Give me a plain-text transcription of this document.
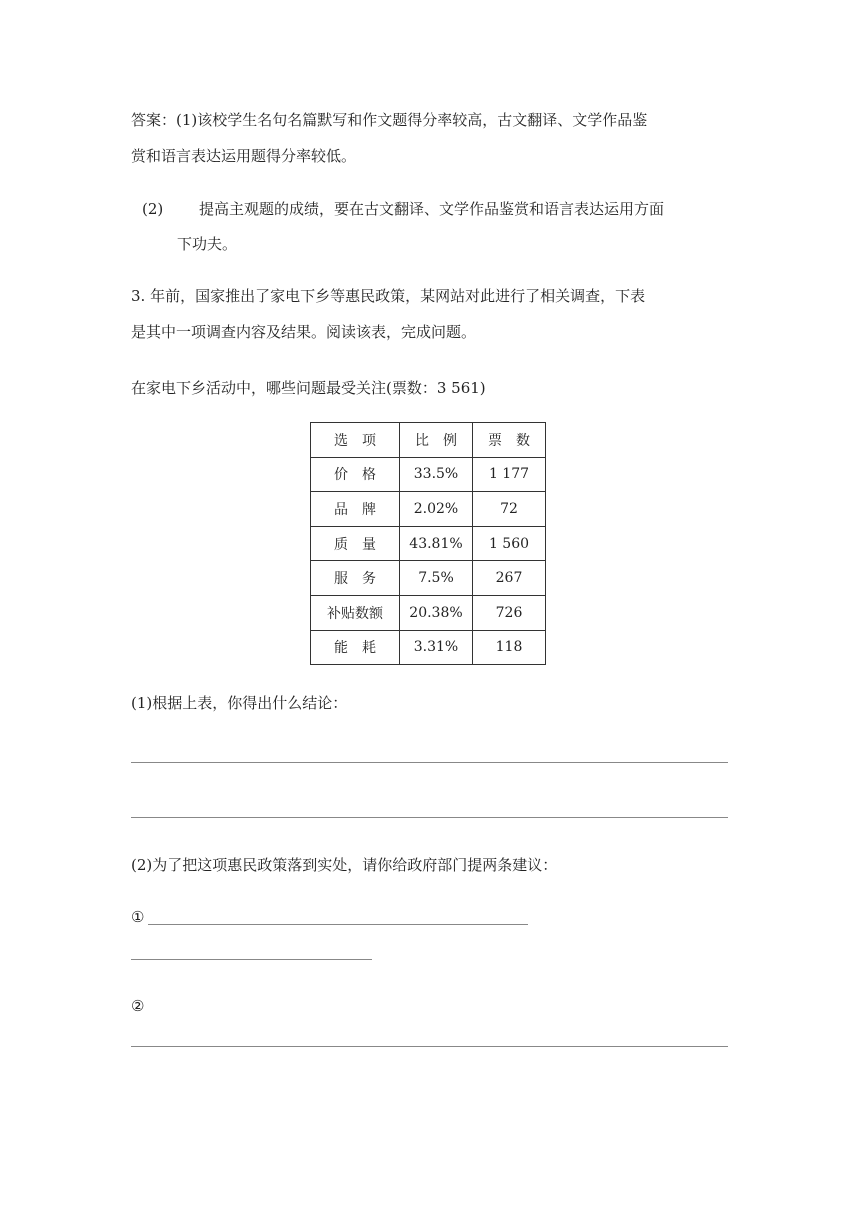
答案：(1)该校学生名句名篇默写和作文题得分率较高，古文翻译、文学作品鉴

赏和语言表达运用题得分率较低。

(2)	提高主观题的成绩，要在古文翻译、文学作品鉴赏和语言表达运用方面

下功夫。

3. 年前，国家推出了家电下乡等惠民政策，某网站对此进行了相关调查，下表

是其中一项调查内容及结果。阅读该表，完成问题。

在家电下乡活动中，哪些问题最受关注(票数：3 561)

选　项	比　例	票　数
价　格	33.5%	1 177
品　牌	2.02%	72
质　量	43.81%	1 560
服　务	7.5%	267
补贴数额	20.38%	726
能　耗	3.31%	118

(1)根据上表，你得出什么结论：

(2)为了把这项惠民政策落到实处，请你给政府部门提两条建议：

①

②
